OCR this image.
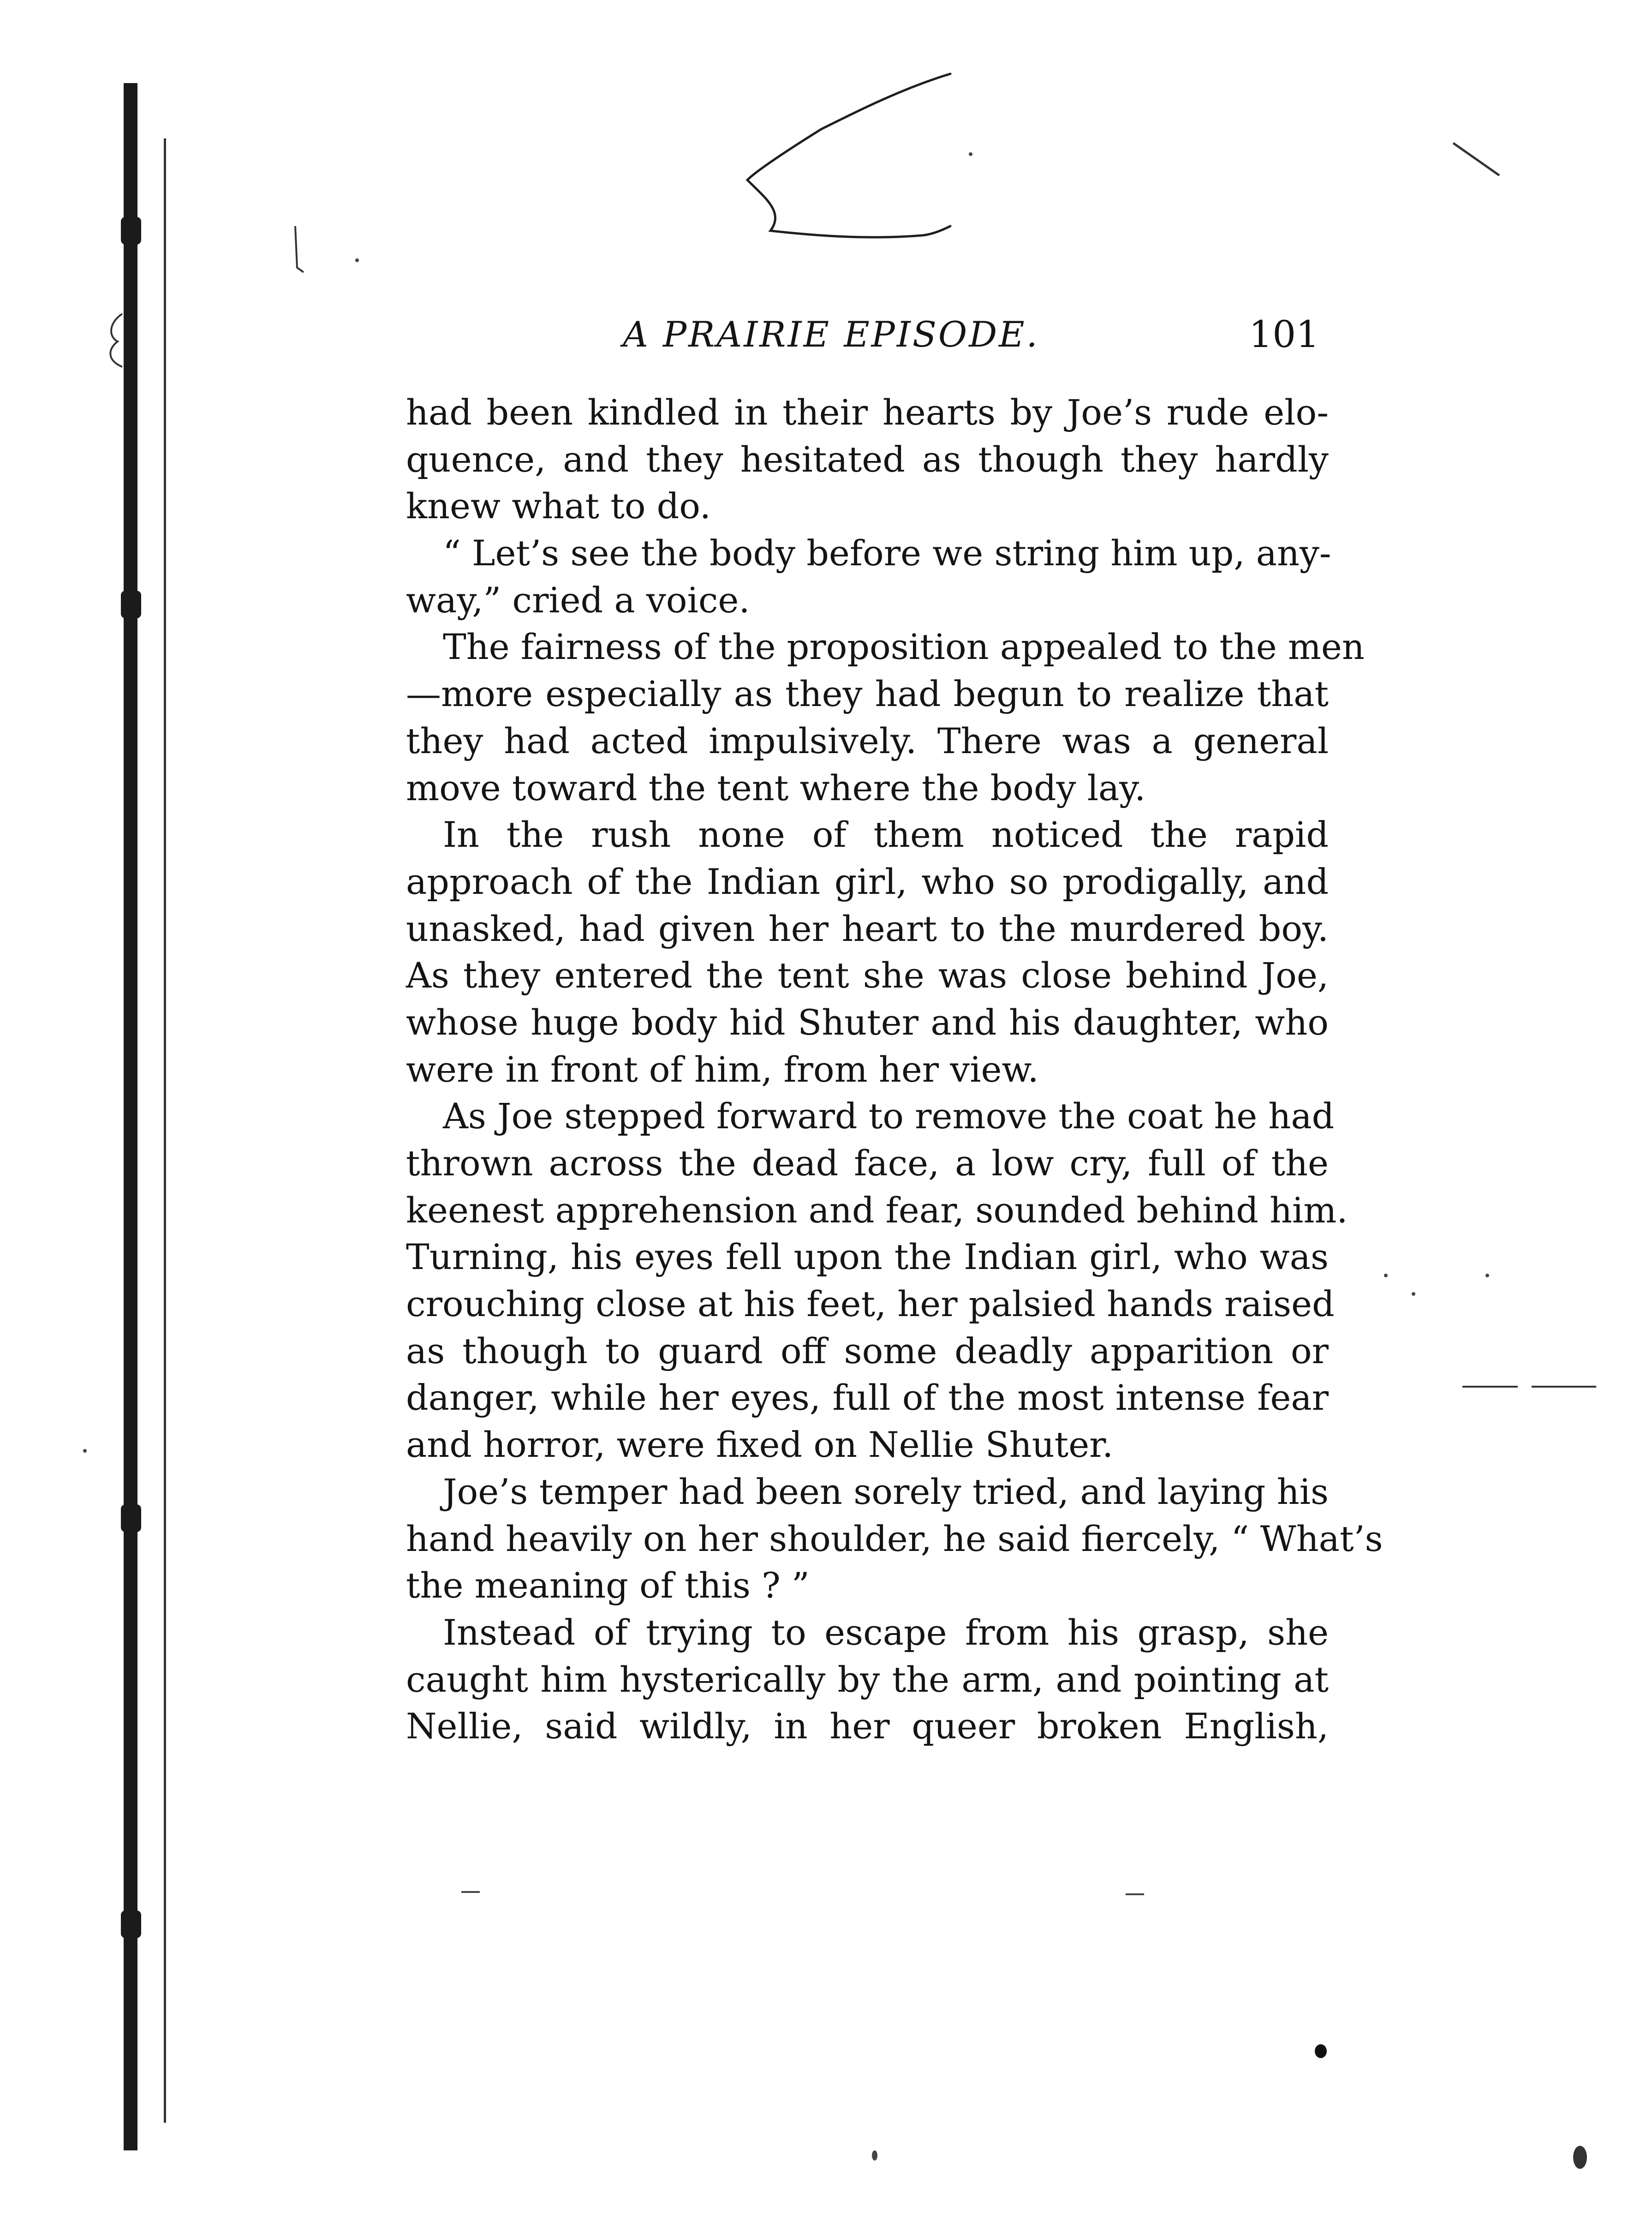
A PRAIRIE EPISODE.	101
had been kindled in their hearts by Joe’s rude elo-
quence, and they hesitated as though they hardly
knew what to do.
“ Let’s see the body before we string him up, any-
way,” cried a voice.
The fairness of the proposition appealed to the men
—more especially as they had begun to realize that
they had acted impulsively. There was a general
move toward the tent where the body lay.
In the rush none of them noticed the rapid
approach of the Indian girl, who so prodigally, and
unasked, had given her heart to the murdered boy.
As they entered the tent she was close behind Joe,
whose huge body hid Shuter and his daughter, who
were in front of him, from her view.
As Joe stepped forward to remove the coat he had
thrown across the dead face, a low cry, full of the
keenest apprehension and fear, sounded behind him.
Turning, his eyes fell upon the Indian girl, who was
crouching close at his feet, her palsied hands raised
as though to guard off some deadly apparition or
danger, while her eyes, full of the most intense fear
and horror, were fixed on Nellie Shuter.
Joe’s temper had been sorely tried, and laying his
hand heavily on her shoulder, he said fiercely, “ What’s
the meaning of this ? ”
Instead of trying to escape from his grasp, she
caught him hysterically by the arm, and pointing at
Nellie, said wildly, in her queer broken English,
